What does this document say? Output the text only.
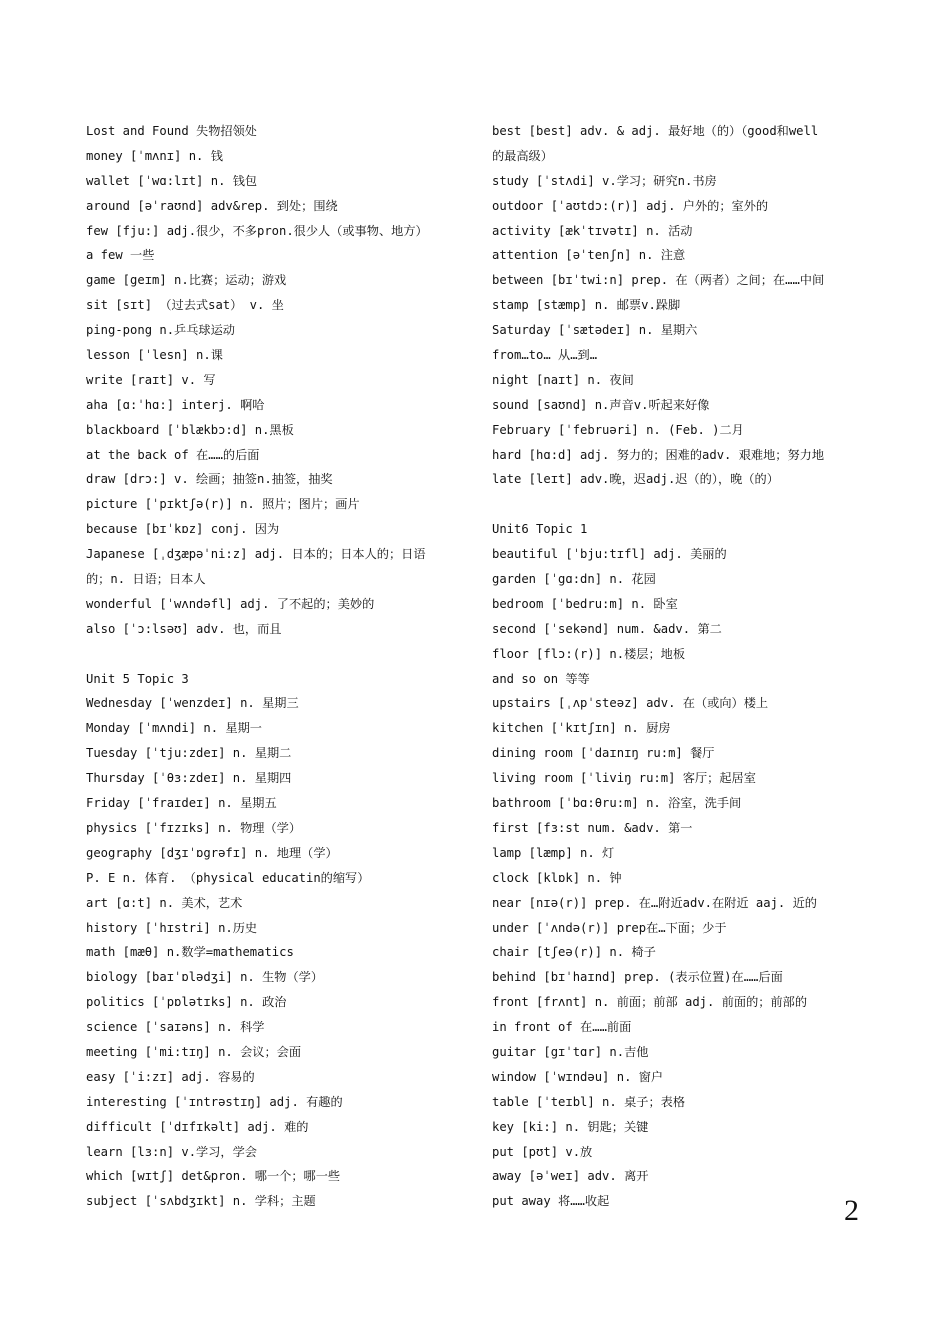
Lost and Found 失物招领处
money [ˈmʌnɪ] n. 钱
wallet [ˈwɑ:lɪt] n. 钱包
around [əˈraʊnd] adv&rep. 到处；围绕
few [fju:] adj.很少，不多pron.很少人（或事物、地方）
a few 一些
game [geɪm] n.比赛；运动；游戏
sit [sɪt] （过去式sat） v. 坐
ping-pong n.乒乓球运动
lesson [ˈlesn] n.课
write [raɪt] v. 写
aha [ɑ:ˈhɑ:] interj. 啊哈
blackboard [ˈblækbɔ:d] n.黑板
at the back of 在……的后面
draw [drɔ:] v. 绘画；抽签n.抽签，抽奖
picture [ˈpɪktʃə(r)] n. 照片；图片；画片
because [bɪˈkɒz] conj. 因为
Japanese [ˌdʒæpəˈni:z] adj. 日本的；日本人的；日语
的；n. 日语；日本人
wonderful [ˈwʌndəfl] adj. 了不起的；美妙的
also [ˈɔ:lsəʊ] adv. 也，而且
Unit 5 Topic 3
Wednesday [ˈwenzdeɪ] n. 星期三
Monday [ˈmʌndi] n. 星期一
Tuesday [ˈtju:zdeɪ] n. 星期二
Thursday [ˈθɜ:zdeɪ] n. 星期四
Friday [ˈfraɪdeɪ] n. 星期五
physics [ˈfɪzɪks] n. 物理（学）
geography [dʒɪˈɒgrəfɪ] n. 地理（学）
P. E n. 体育. （physical educatin的缩写）
art [ɑ:t] n. 美术，艺术
history [ˈhɪstri] n.历史
math [mæθ] n.数学=mathematics
biology [baɪˈɒlədʒi] n. 生物（学）
politics [ˈpɒlətɪks] n. 政治
science [ˈsaɪəns] n. 科学
meeting [ˈmi:tɪŋ] n. 会议；会面
easy [ˈi:zɪ] adj. 容易的
interesting [ˈɪntrəstɪŋ] adj. 有趣的
difficult [ˈdɪfɪkəlt] adj. 难的
learn [lɜ:n] v.学习，学会
which [wɪtʃ] det&pron. 哪一个；哪一些
subject [ˈsʌbdʒɪkt] n. 学科；主题
best [best] adv. & adj. 最好地（的）（good和well
的最高级）
study [ˈstʌdi] v.学习；研究n.书房
outdoor [ˈaʊtdɔ:(r)] adj. 户外的；室外的
activity [ækˈtɪvətɪ] n. 活动
attention [əˈtenʃn] n. 注意
between [bɪˈtwi:n] prep. 在（两者）之间；在……中间
stamp [stæmp] n. 邮票v.跺脚
Saturday [ˈsætədeɪ] n. 星期六
from…to… 从…到…
night [naɪt] n. 夜间
sound [saʊnd] n.声音v.听起来好像
February [ˈfebruəri] n. (Feb. )二月
hard [hɑ:d] adj. 努力的；困难的adv. 艰难地；努力地
late [leɪt] adv.晚，迟adj.迟（的），晚（的）
Unit6 Topic 1
beautiful [ˈbju:tɪfl] adj. 美丽的
garden [ˈgɑ:dn] n. 花园
bedroom [ˈbedru:m] n. 卧室
second [ˈsekənd] num. &adv. 第二
floor [flɔ:(r)] n.楼层；地板
and so on 等等
upstairs [ˌʌpˈsteəz] adv. 在（或向）楼上
kitchen [ˈkɪtʃɪn] n. 厨房
dining room [ˈdaɪnɪŋ ru:m] 餐厅
living room [ˈliviŋ ru:m] 客厅；起居室
bathroom [ˈbɑ:θru:m] n. 浴室，洗手间
first [fɜ:st num. &adv. 第一
lamp [læmp] n. 灯
clock [klɒk] n. 钟
near [nɪə(r)] prep. 在…附近adv.在附近 aaj. 近的
under [ˈʌndə(r)] prep在…下面；少于
chair [tʃeə(r)] n. 椅子
behind [bɪˈhaɪnd] prep. (表示位置)在……后面
front [frʌnt] n. 前面；前部 adj. 前面的；前部的
in front of 在……前面
guitar [gɪˈtɑr] n.吉他
window [ˈwɪndəu] n. 窗户
table [ˈteɪbl] n. 桌子；表格
key [ki:] n. 钥匙；关键
put [pʊt] v.放
away [əˈweɪ] adv. 离开
put away 将……收起	2
